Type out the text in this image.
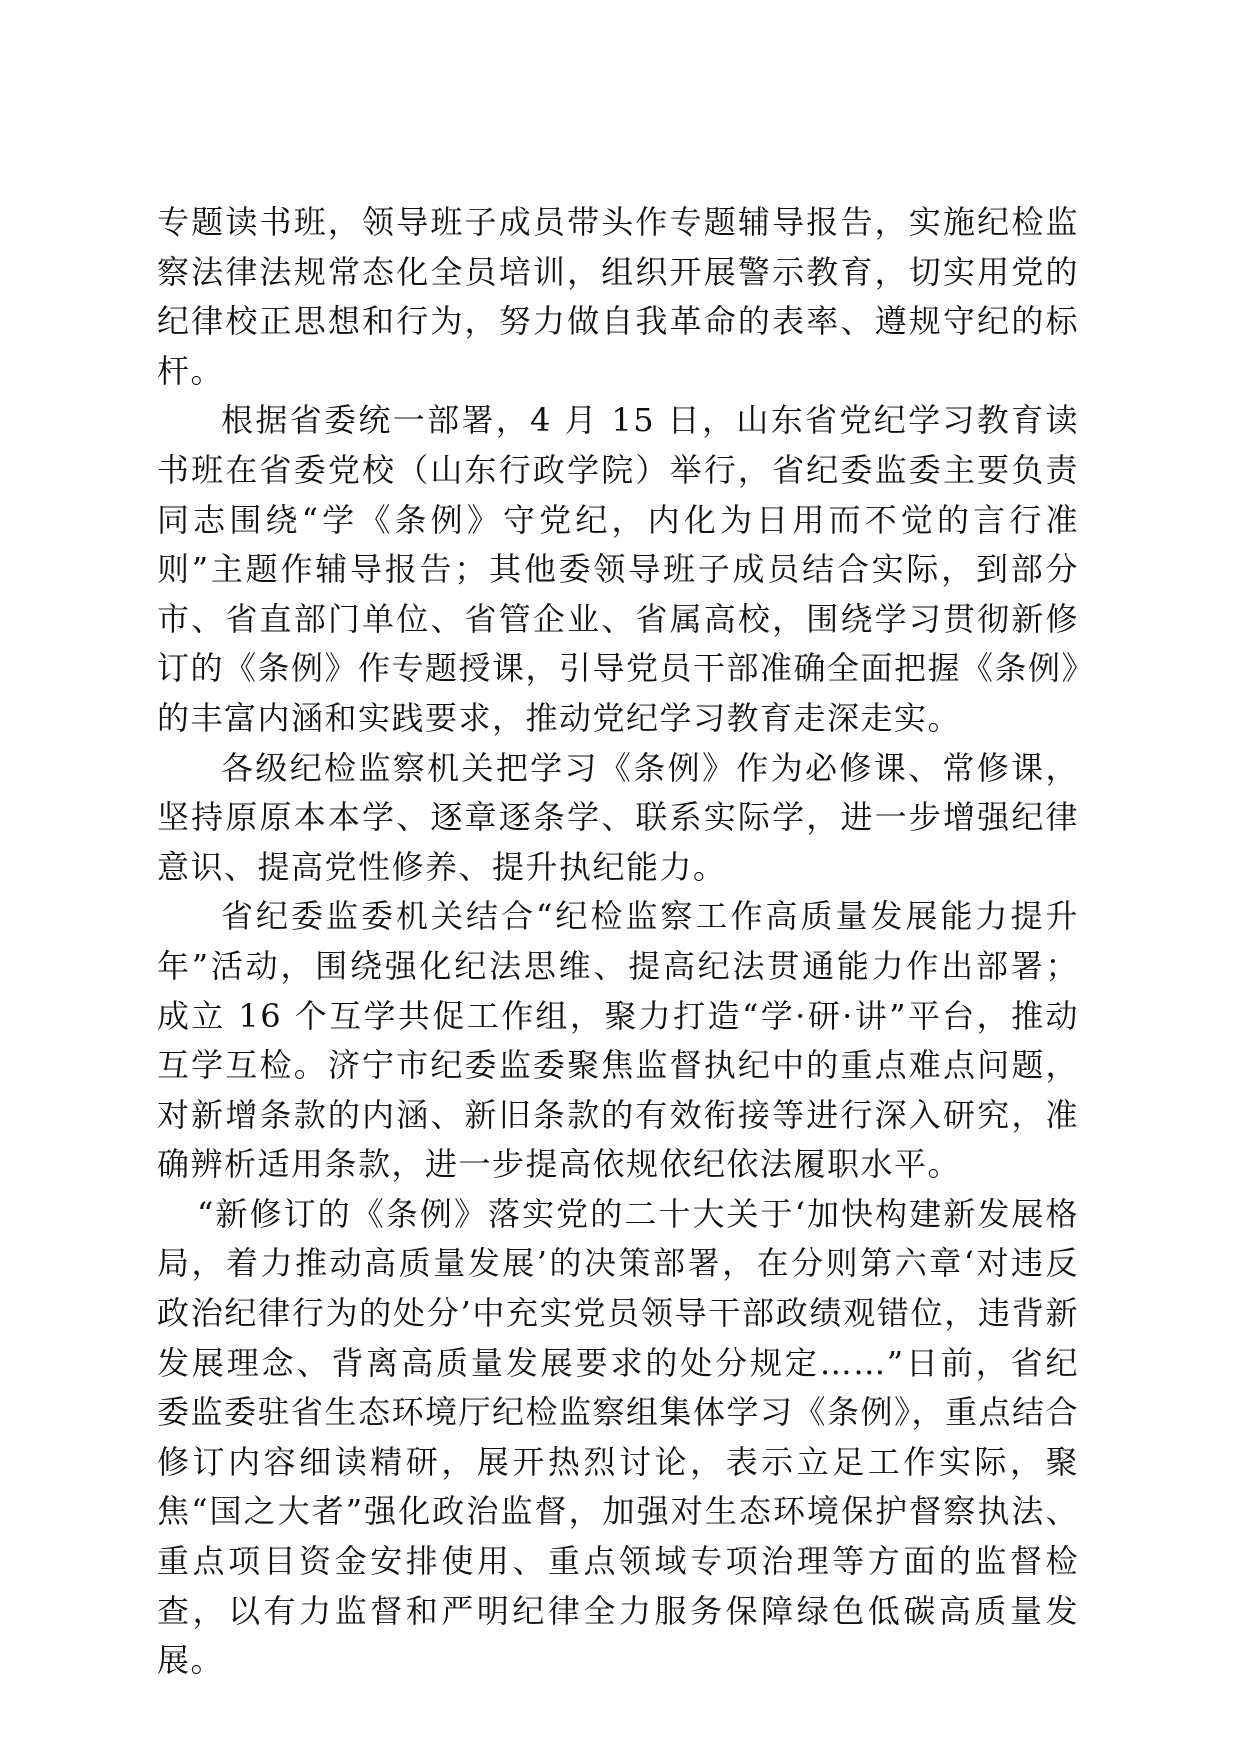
专题读书班，领导班子成员带头作专题辅导报告，实施纪检监察法律法规常态化全员培训，组织开展警示教育，切实用党的纪律校正思想和行为，努力做自我革命的表率、遵规守纪的标杆。

根据省委统一部署，4 月 15 日，山东省党纪学习教育读书班在省委党校（山东行政学院）举行，省纪委监委主要负责同志围绕“学《条例》守党纪，内化为日用而不觉的言行准则”主题作辅导报告；其他委领导班子成员结合实际，到部分市、省直部门单位、省管企业、省属高校，围绕学习贯彻新修订的《条例》作专题授课，引导党员干部准确全面把握《条例》的丰富内涵和实践要求，推动党纪学习教育走深走实。

各级纪检监察机关把学习《条例》作为必修课、常修课，坚持原原本本学、逐章逐条学、联系实际学，进一步增强纪律意识、提高党性修养、提升执纪能力。

省纪委监委机关结合“纪检监察工作高质量发展能力提升年”活动，围绕强化纪法思维、提高纪法贯通能力作出部署；成立 16 个互学共促工作组，聚力打造“学·研·讲”平台，推动互学互检。济宁市纪委监委聚焦监督执纪中的重点难点问题，对新增条款的内涵、新旧条款的有效衔接等进行深入研究，准确辨析适用条款，进一步提高依规依纪依法履职水平。

“新修订的《条例》落实党的二十大关于‘加快构建新发展格局，着力推动高质量发展’的决策部署，在分则第六章‘对违反政治纪律行为的处分’中充实党员领导干部政绩观错位，违背新发展理念、背离高质量发展要求的处分规定……”日前，省纪委监委驻省生态环境厅纪检监察组集体学习《条例》，重点结合修订内容细读精研，展开热烈讨论，表示立足工作实际，聚焦“国之大者”强化政治监督，加强对生态环境保护督察执法、重点项目资金安排使用、重点领域专项治理等方面的监督检查，以有力监督和严明纪律全力服务保障绿色低碳高质量发展。
